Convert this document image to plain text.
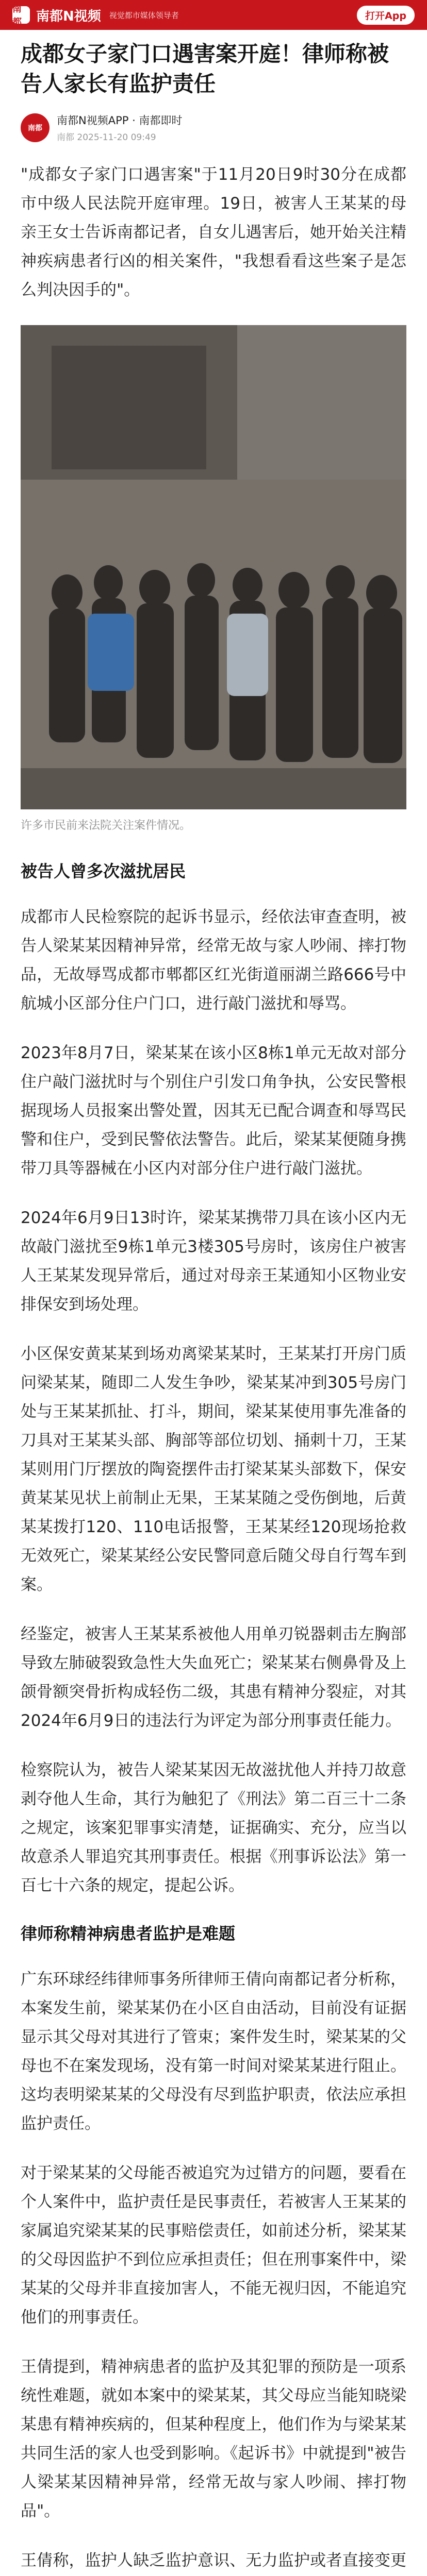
南都	南都N视频 视觉都市媒体领导者	打开App
成都女子家门口遇害案开庭！律师称被告人家长有监护责任
南都
南都N视频APP · 南都即时
南都 2025-11-20 09:49

"成都女子家门口遇害案"于11月20日9时30分在成都市中级人民法院开庭审理。19日，被害人王某某的母亲王女士告诉南都记者，自女儿遇害后，她开始关注精神疾病患者行凶的相关案件，"我想看看这些案子是怎么判决因手的"。

许多市民前来法院关注案件情况。
被告人曾多次滋扰居民

成都市人民检察院的起诉书显示，经依法审查查明，被告人梁某某因精神异常，经常无故与家人吵闹、摔打物品，无故辱骂成都市郫都区红光街道丽湖兰路666号中航城小区部分住户门口，进行敲门滋扰和辱骂。

2023年8月7日，梁某某在该小区8栋1单元无故对部分住户敲门滋扰时与个别住户引发口角争执，公安民警根据现场人员报案出警处置，因其无已配合调查和辱骂民警和住户，受到民警依法警告。此后，梁某某便随身携带刀具等器械在小区内对部分住户进行敲门滋扰。

2024年6月9日13时许，梁某某携带刀具在该小区内无故敲门滋扰至9栋1单元3楼305号房时，该房住户被害人王某某发现异常后，通过对母亲王某通知小区物业安排保安到场处理。

小区保安黄某某到场劝离梁某某时，王某某打开房门质问梁某某，随即二人发生争吵，梁某某冲到305号房门处与王某某抓扯、打斗，期间，梁某某使用事先准备的刀具对王某某头部、胸部等部位切划、捅刺十刀，王某某则用门厅摆放的陶瓷摆件击打梁某某头部数下，保安黄某某见状上前制止无果，王某某随之受伤倒地，后黄某某拨打120、110电话报警，王某某经120现场抢救无效死亡，梁某某经公安民警同意后随父母自行驾车到案。

经鉴定，被害人王某某系被他人用单刃锐器刺击左胸部导致左肺破裂致急性大失血死亡；梁某某右侧鼻骨及上颌骨额突骨折构成轻伤二级，其患有精神分裂症，对其2024年6月9日的违法行为评定为部分刑事责任能力。

检察院认为，被告人梁某某因无故滋扰他人并持刀故意剥夺他人生命，其行为触犯了《刑法》第二百三十二条之规定，该案犯罪事实清楚，证据确实、充分，应当以故意杀人罪追究其刑事责任。根据《刑事诉讼法》第一百七十六条的规定，提起公诉。

律师称精神病患者监护是难题

广东环球经纬律师事务所律师王倩向南都记者分析称，本案发生前，梁某某仍在小区自由活动，目前没有证据显示其父母对其进行了管束；案件发生时，梁某某的父母也不在案发现场，没有第一时间对梁某某进行阻止。这均表明梁某某的父母没有尽到监护职责，依法应承担监护责任。

对于梁某某的父母能否被追究为过错方的问题，要看在个人案件中，监护责任是民事责任，若被害人王某某的家属追究梁某某的民事赔偿责任，如前述分析，梁某某的父母因监护不到位应承担责任；但在刑事案件中，梁某某的父母并非直接加害人，不能无视归因，不能追究他们的刑事责任。

王倩提到，精神病患者的监护及其犯罪的预防是一项系统性难题，就如本案中的梁某某，其父母应当能知晓梁某患有精神疾病的，但某种程度上，他们作为与梁某某共同生活的家人也受到影响。《起诉书》中就提到"被告人梁某某因精神异常，经常无故与家人吵闹、摔打物品"。

王倩称，监护人缺乏监护意识、无力监护或者直接变更
